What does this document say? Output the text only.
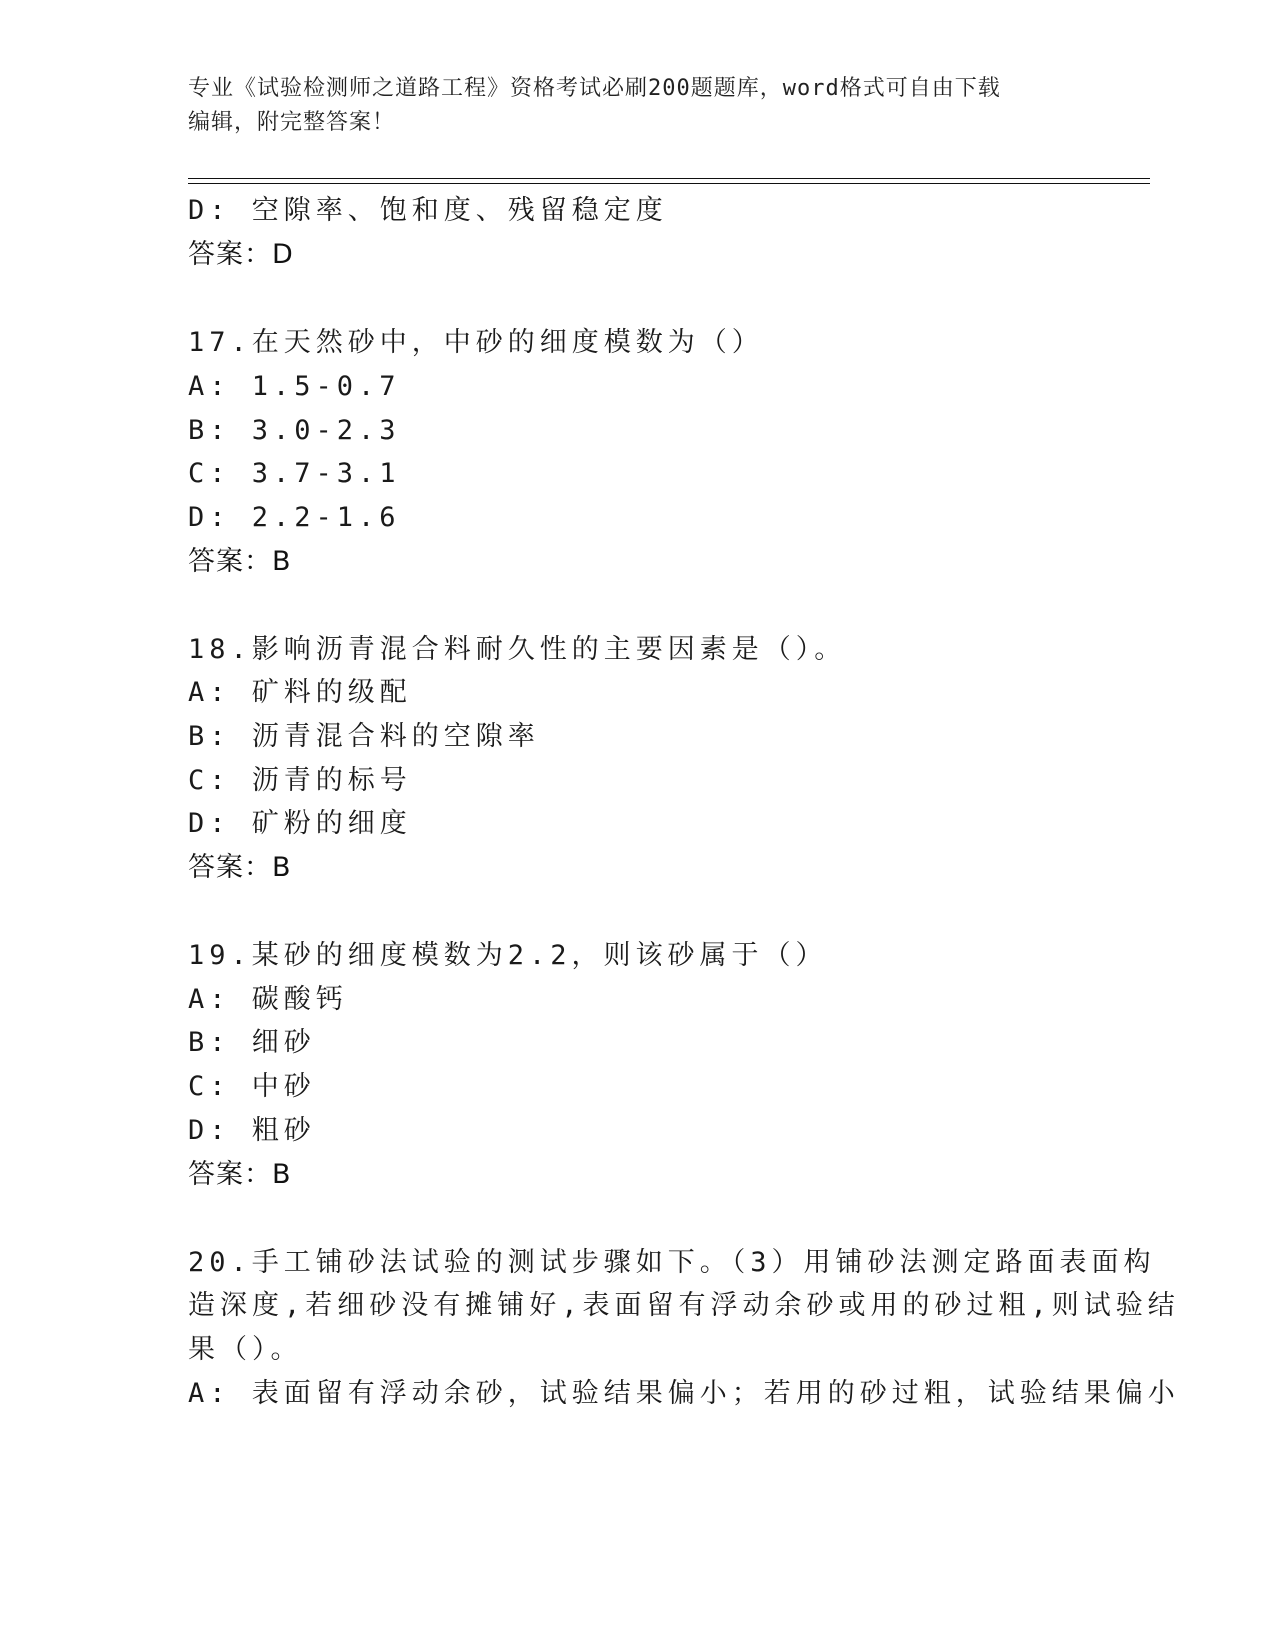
专业《试验检测师之道路工程》资格考试必刷200题题库，word格式可自由下载
编辑，附完整答案！
D: 空隙率、饱和度、残留稳定度
答案：D
17.在天然砂中，中砂的细度模数为（）
A: 1.5-0.7
B: 3.0-2.3
C: 3.7-3.1
D: 2.2-1.6
答案：B
18.影响沥青混合料耐久性的主要因素是（）。
A: 矿料的级配
B: 沥青混合料的空隙率
C: 沥青的标号
D: 矿粉的细度
答案：B
19.某砂的细度模数为2.2，则该砂属于（）
A: 碳酸钙
B: 细砂
C: 中砂
D: 粗砂
答案：B
20.手工铺砂法试验的测试步骤如下。（3）用铺砂法测定路面表面构
造深度,若细砂没有摊铺好,表面留有浮动余砂或用的砂过粗,则试验结
果（）。
A: 表面留有浮动余砂，试验结果偏小；若用的砂过粗，试验结果偏小
